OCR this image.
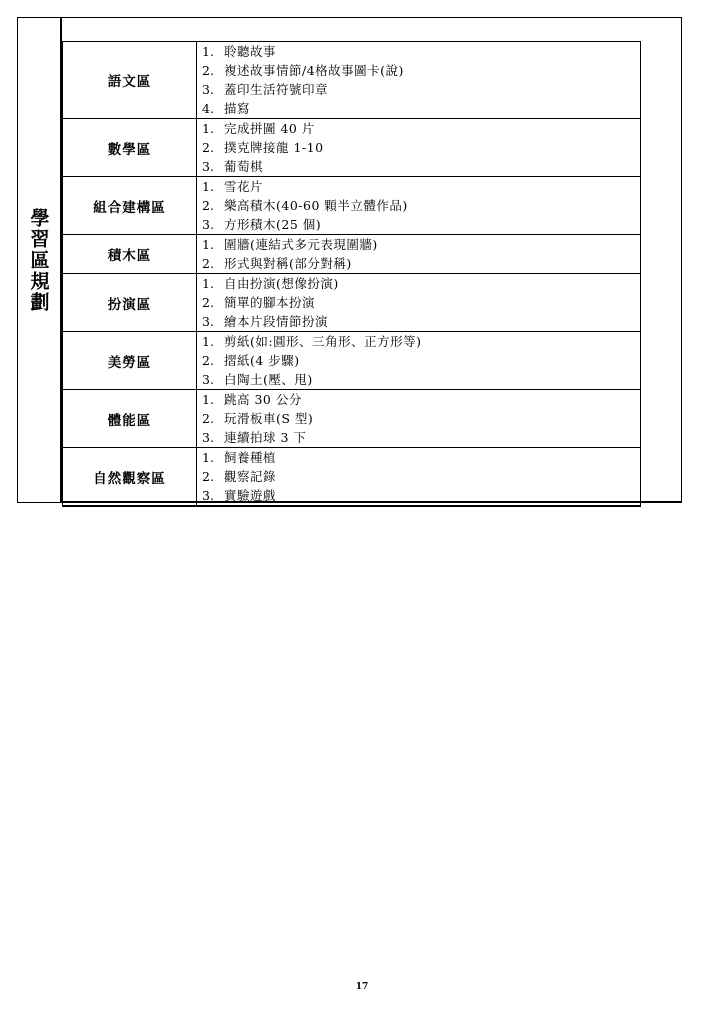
學習區規劃
語文區	1. 聆聽故事
2. 複述故事情節/4格故事圖卡(說)
3. 蓋印生活符號印章
4. 描寫

數學區	1. 完成拼圖 40 片
2. 撲克牌接龍 1-10
3. 葡萄棋

組合建構區	1. 雪花片
2. 樂高積木(40-60 顆半立體作品)
3. 方形積木(25 個)

積木區	1. 圍牆(連結式多元表現圍牆)
2. 形式與對稱(部分對稱)

扮演區	1. 自由扮演(想像扮演)
2. 簡單的腳本扮演
3. 繪本片段情節扮演

美勞區	1. 剪紙(如:圓形、三角形、正方形等)
2. 摺紙(4 步驟)
3. 白陶土(壓、甩)

體能區	1. 跳高 30 公分
2. 玩滑板車(S 型)
3. 連續拍球 3 下

自然觀察區	1. 飼養種植
2. 觀察記錄
3. 實驗遊戲
17
